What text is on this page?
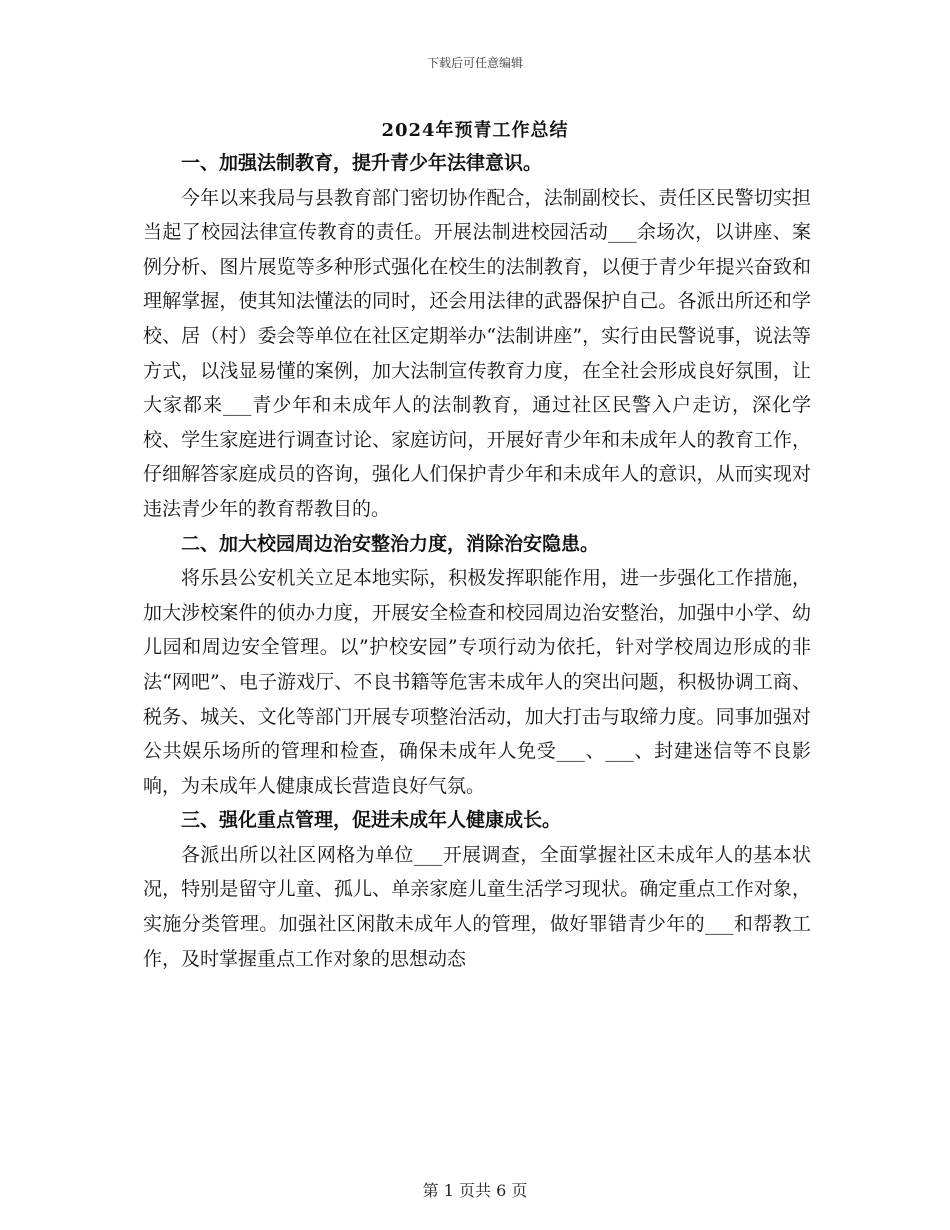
下载后可任意编辑
2024年预青工作总结

一、加强法制教育，提升青少年法律意识。

今年以来我局与县教育部门密切协作配合，法制副校长、责任区民警切实担当起了校园法律宣传教育的责任。开展法制进校园活动___余场次，以讲座、案例分析、图片展览等多种形式强化在校生的法制教育，以便于青少年提兴奋致和理解掌握，使其知法懂法的同时，还会用法律的武器保护自己。各派出所还和学校、居（村）委会等单位在社区定期举办“法制讲座”，实行由民警说事，说法等方式，以浅显易懂的案例，加大法制宣传教育力度，在全社会形成良好氛围，让大家都来___青少年和未成年人的法制教育，通过社区民警入户走访，深化学校、学生家庭进行调查讨论、家庭访问，开展好青少年和未成年人的教育工作，仔细解答家庭成员的咨询，强化人们保护青少年和未成年人的意识，从而实现对违法青少年的教育帮教目的。

二、加大校园周边治安整治力度，消除治安隐患。

将乐县公安机关立足本地实际，积极发挥职能作用，进一步强化工作措施，加大涉校案件的侦办力度，开展安全检查和校园周边治安整治，加强中小学、幼儿园和周边安全管理。以”护校安园”专项行动为依托，针对学校周边形成的非法“网吧”、电子游戏厅、不良书籍等危害未成年人的突出问题，积极协调工商、税务、城关、文化等部门开展专项整治活动，加大打击与取缔力度。同事加强对公共娱乐场所的管理和检查，确保未成年人免受___、___、封建迷信等不良影响，为未成年人健康成长营造良好气氛。

三、强化重点管理，促进未成年人健康成长。

各派出所以社区网格为单位___开展调查，全面掌握社区未成年人的基本状况，特别是留守儿童、孤儿、单亲家庭儿童生活学习现状。确定重点工作对象，实施分类管理。加强社区闲散未成年人的管理，做好罪错青少年的___和帮教工作，及时掌握重点工作对象的思想动态

第 1 页共 6 页
